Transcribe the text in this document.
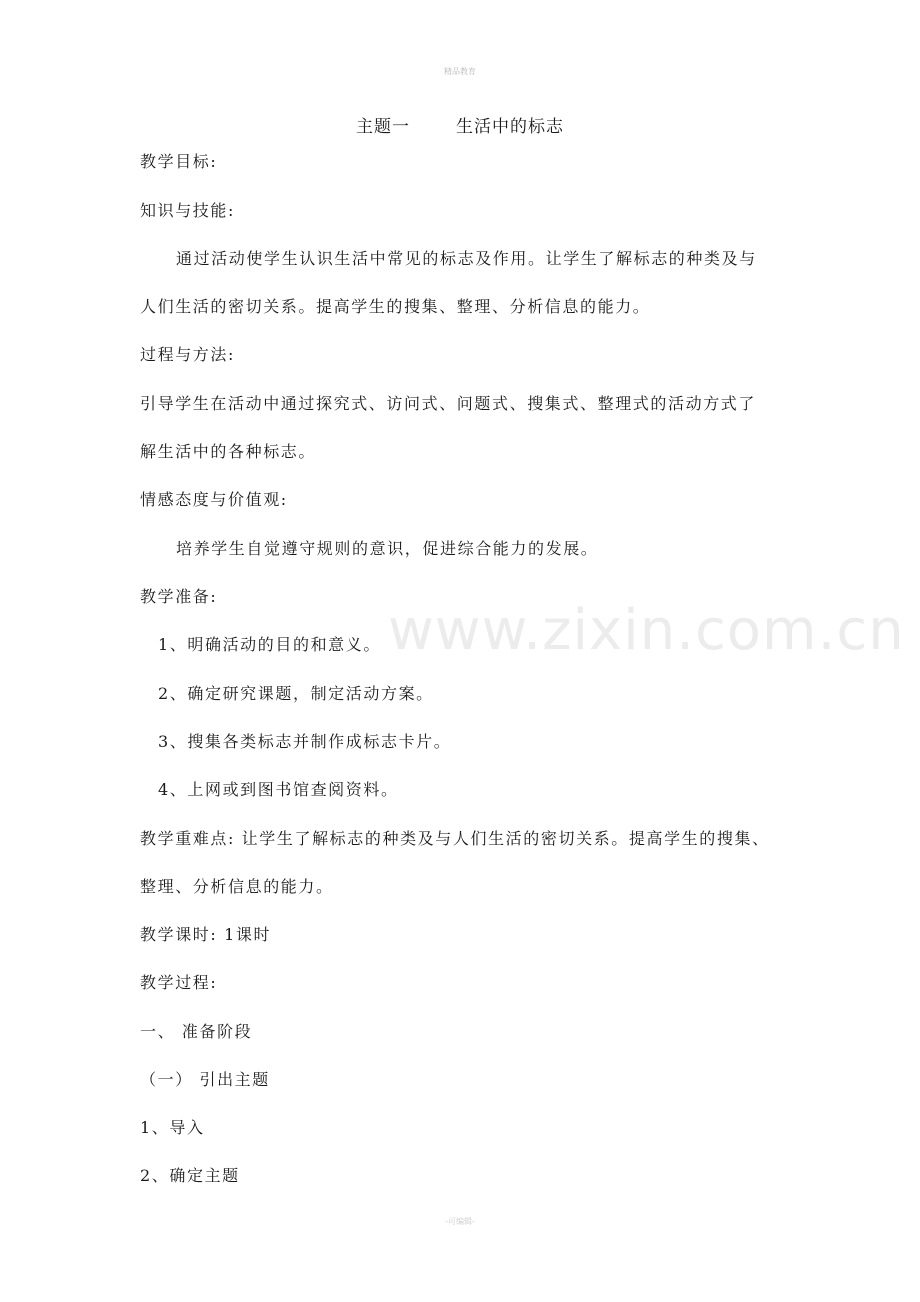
精品教育
www.zixin.com.cn
主题一	生活中的标志
教学目标:
知识与技能:
通过活动使学生认识生活中常见的标志及作用。让学生了解标志的种类及与
人们生活的密切关系。提高学生的搜集、整理、分析信息的能力。
过程与方法:
引导学生在活动中通过探究式、访问式、问题式、搜集式、整理式的活动方式了
解生活中的各种标志。
情感态度与价值观:
培养学生自觉遵守规则的意识，促进综合能力的发展。
教学准备:
1、明确活动的目的和意义。
2、确定研究课题，制定活动方案。
3、搜集各类标志并制作成标志卡片。
4、上网或到图书馆查阅资料。
教学重难点: 让学生了解标志的种类及与人们生活的密切关系。提高学生的搜集、
整理、分析信息的能力。
教学课时: 1课时
教学过程:
一、 准备阶段
（一） 引出主题
1、导入
2、确定主题
-可编辑-
